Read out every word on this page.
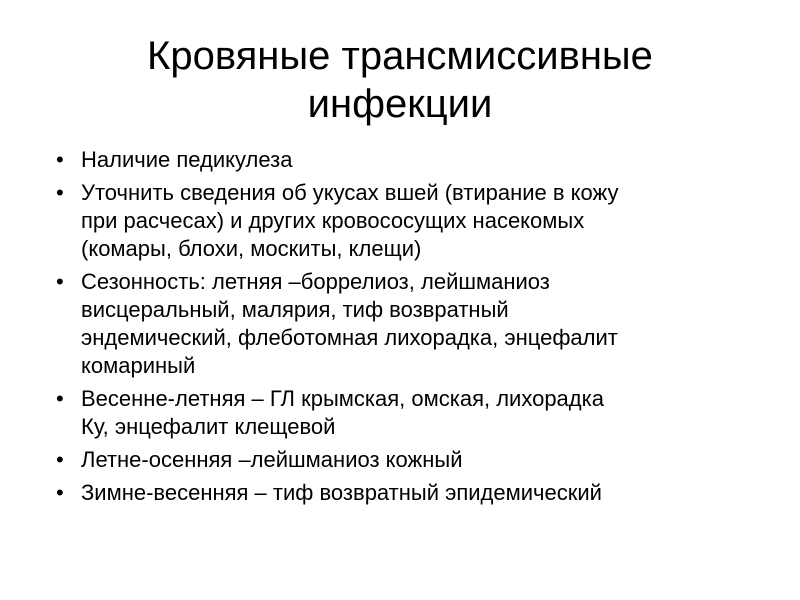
Кровяные трансмиссивные
инфекции
• Наличие педикулеза
• Уточнить сведения об укусах вшей (втирание в кожу
при расчесах) и других кровососущих насекомых
(комары, блохи, москиты, клещи)
• Сезонность: летняя –боррелиоз, лейшманиоз
висцеральный, малярия, тиф возвратный
эндемический, флеботомная лихорадка, энцефалит
комариный
• Весенне-летняя – ГЛ крымская, омская, лихорадка
Ку, энцефалит клещевой
• Летне-осенняя –лейшманиоз кожный
• Зимне-весенняя – тиф возвратный эпидемический
